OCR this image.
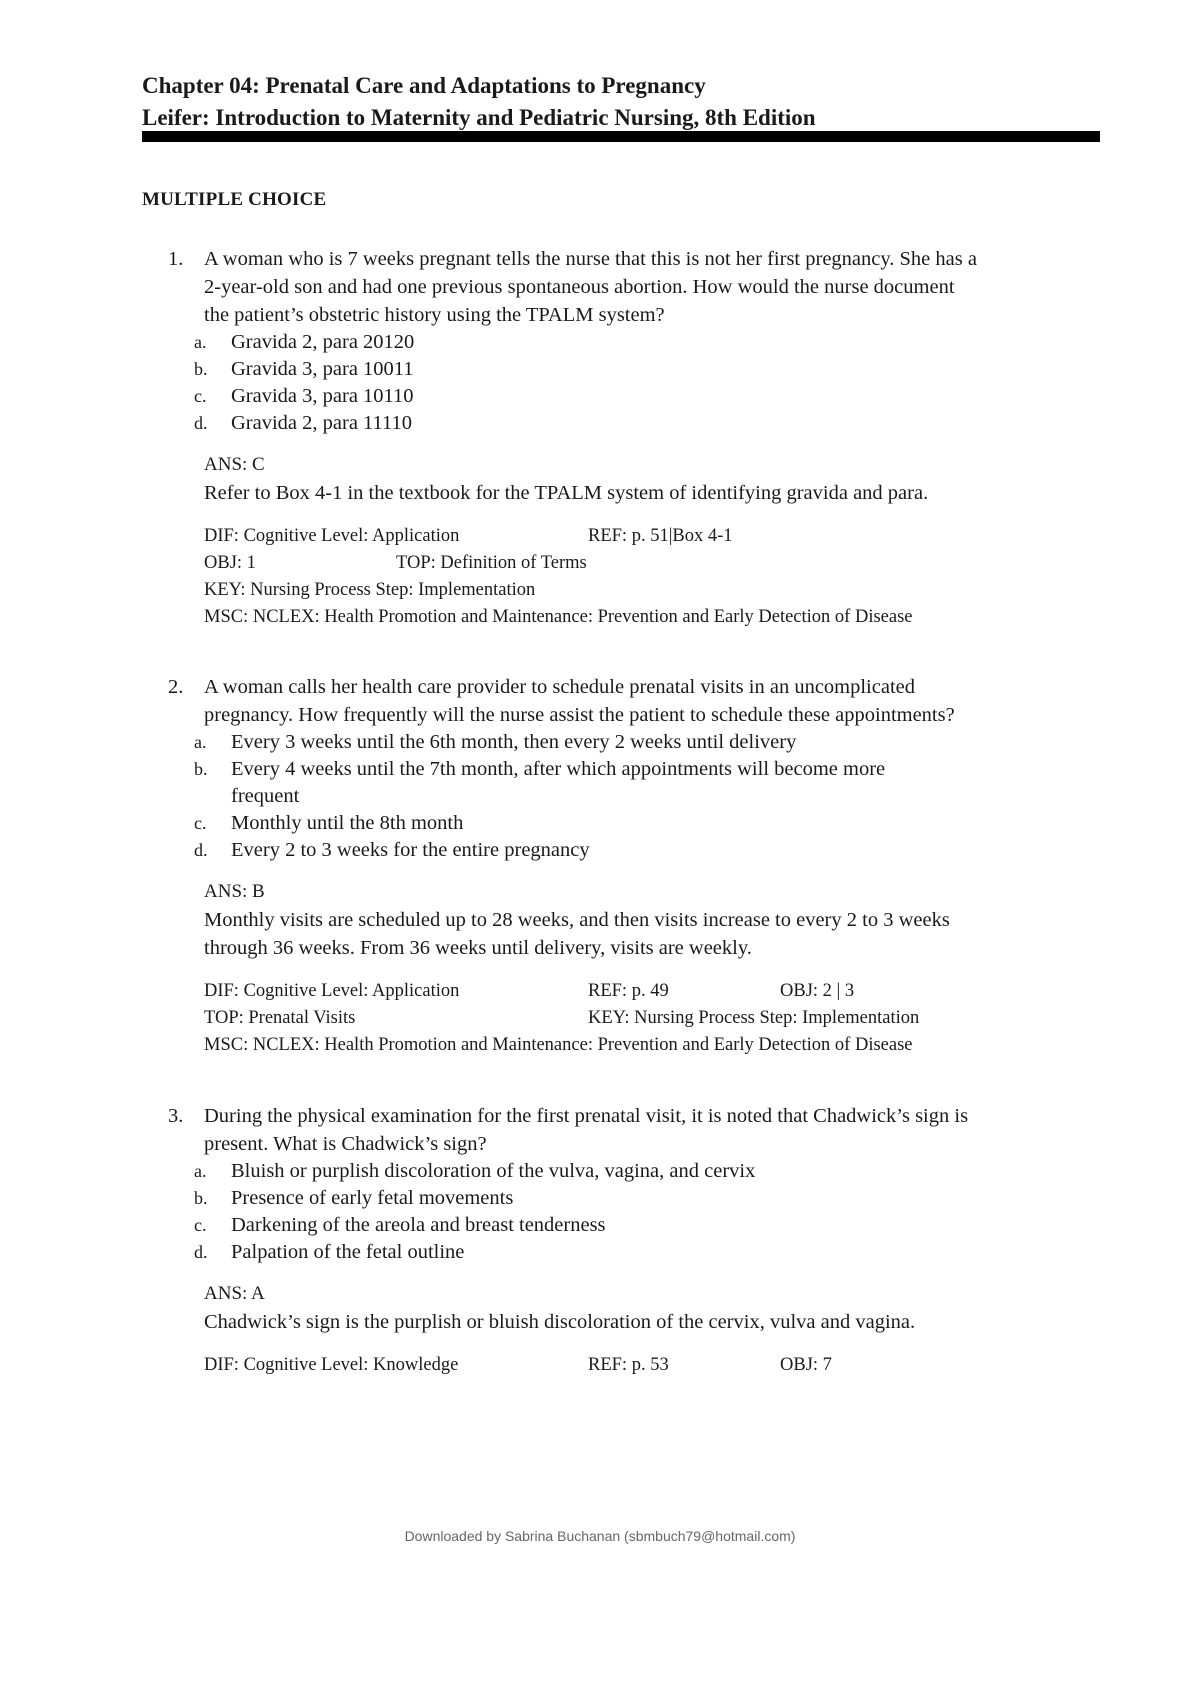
Chapter 04: Prenatal Care and Adaptations to Pregnancy
Leifer: Introduction to Maternity and Pediatric Nursing, 8th Edition
MULTIPLE CHOICE
1. A woman who is 7 weeks pregnant tells the nurse that this is not her first pregnancy. She has a
2-year-old son and had one previous spontaneous abortion. How would the nurse document
the patient’s obstetric history using the TPALM system?
a. Gravida 2, para 20120
b. Gravida 3, para 10011
c. Gravida 3, para 10110
d. Gravida 2, para 11110
ANS: C
Refer to Box 4-1 in the textbook for the TPALM system of identifying gravida and para.
DIF: Cognitive Level: Application	REF: p. 51|Box 4-1
OBJ: 1	TOP: Definition of Terms
KEY: Nursing Process Step: Implementation
MSC: NCLEX: Health Promotion and Maintenance: Prevention and Early Detection of Disease
2. A woman calls her health care provider to schedule prenatal visits in an uncomplicated
pregnancy. How frequently will the nurse assist the patient to schedule these appointments?
a. Every 3 weeks until the 6th month, then every 2 weeks until delivery
b. Every 4 weeks until the 7th month, after which appointments will become more
frequent
c. Monthly until the 8th month
d. Every 2 to 3 weeks for the entire pregnancy
ANS: B
Monthly visits are scheduled up to 28 weeks, and then visits increase to every 2 to 3 weeks
through 36 weeks. From 36 weeks until delivery, visits are weekly.
DIF: Cognitive Level: Application	REF: p. 49	OBJ: 2 | 3
TOP: Prenatal Visits	KEY: Nursing Process Step: Implementation
MSC: NCLEX: Health Promotion and Maintenance: Prevention and Early Detection of Disease
3. During the physical examination for the first prenatal visit, it is noted that Chadwick’s sign is
present. What is Chadwick’s sign?
a. Bluish or purplish discoloration of the vulva, vagina, and cervix
b. Presence of early fetal movements
c. Darkening of the areola and breast tenderness
d. Palpation of the fetal outline
ANS: A
Chadwick’s sign is the purplish or bluish discoloration of the cervix, vulva and vagina.
DIF: Cognitive Level: Knowledge	REF: p. 53	OBJ: 7
Downloaded by Sabrina Buchanan (sbmbuch79@hotmail.com)
